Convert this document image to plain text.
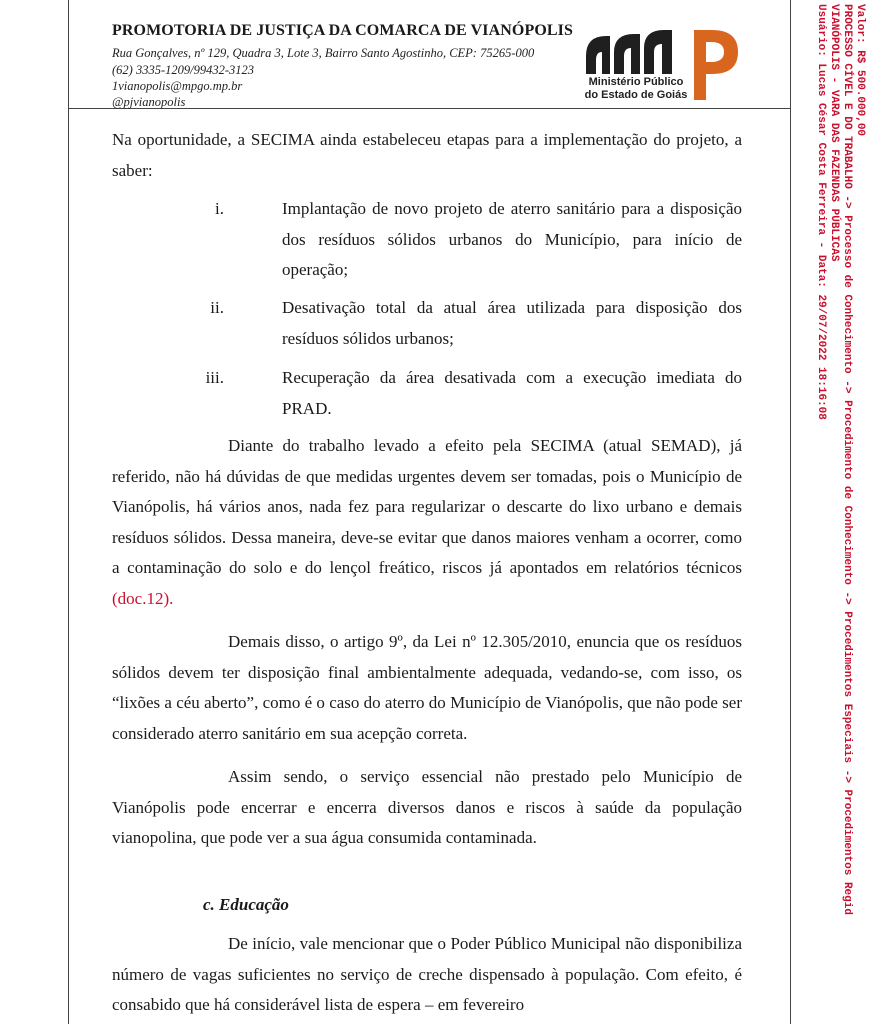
PROMOTORIA DE JUSTIÇA DA COMARCA DE VIANÓPOLIS
Rua Gonçalves, nº 129, Quadra 3, Lote 3, Bairro Santo Agostinho, CEP: 75265-000
(62) 3335-1209/99432-3123
1vianopolis@mpgo.mp.br
@pjvianopolis
Ministério Público
do Estado de Goiás

Na oportunidade, a SECIMA ainda estabeleceu etapas para a implementação do projeto, a saber:

i.	Implantação de novo projeto de aterro sanitário para a disposição dos resíduos sólidos urbanos do Município, para início de operação;
ii.	Desativação total da atual área utilizada para disposição dos resíduos sólidos urbanos;
iii.	Recuperação da área desativada com a execução imediata do PRAD.

Diante do trabalho levado a efeito pela SECIMA (atual SEMAD), já referido, não há dúvidas de que medidas urgentes devem ser tomadas, pois o Município de Vianópolis, há vários anos, nada fez para regularizar o descarte do lixo urbano e demais resíduos sólidos. Dessa maneira, deve-se evitar que danos maiores venham a ocorrer, como a contaminação do solo e do lençol freático, riscos já apontados em relatórios técnicos (doc.12).

Demais disso, o artigo 9º, da Lei nº 12.305/2010, enuncia que os resíduos sólidos devem ter disposição final ambientalmente adequada, vedando-se, com isso, os “lixões a céu aberto”, como é o caso do aterro do Município de Vianópolis, que não pode ser considerado aterro sanitário em sua acepção correta.

Assim sendo, o serviço essencial não prestado pelo Município de Vianópolis pode encerrar e encerra diversos danos e riscos à saúde da população vianopolina, que pode ver a sua água consumida contaminada.

c. Educação

De início, vale mencionar que o Poder Público Municipal não disponibiliza número de vagas suficientes no serviço de creche dispensado à população. Com efeito, é consabido que há considerável lista de espera – em fevereiro

Valor: R$ 500.000,00
PROCESSO CÍVEL E DO TRABALHO -> Processo de Conhecimento -> Procedimento de Conhecimento -> Procedimentos Especiais -> Procedimentos Regid
VIANÓPOLIS - VARA DAS FAZENDAS PÚBLICAS
Usuário: Lucas César Costa Ferreira - Data: 29/07/2022 18:16:08
